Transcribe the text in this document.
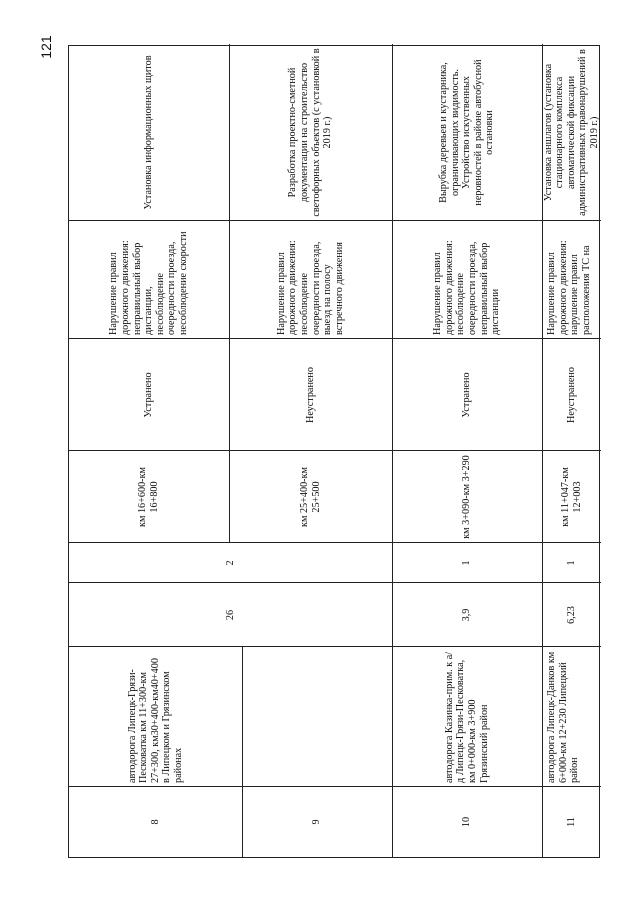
121
8	9
автодорога Липецк-Грязи-Песковатка км 11+300-км 27+300, км30+400-км40+400 в Липецком и Грязинском районах
26
2
км 16+600-км 16+800
Устранено
Нарушение правил дорожного движения: неправильный выбор дистанции, несоблюдение очередности проезда, несоблюдение скорости
Установка информационных щитов
км 25+400-км 25+500
Неустранено
Нарушение правил дорожного движения: несоблюдение очередности проезда, выезд на полосу встречного движения
Разработка проектно-сметной документации на строительство светофорных объектов (с установкой в 2019 г.)
10
автодорога Казинка-прим. к а/д Липецк-Грязи-Песковатка, км 0+000-км 3+900 Грязинский район
3,9
1
км 3+090-км 3+290
Устранено
Нарушение правил дорожного движения: несоблюдение очередности проезда, неправильный выбор дистанции
Вырубка деревьев и кустарника, ограничивающих видимость. Устройство искуственных неровностей в районе автобусной остановки
11
автодорога Липецк-Данков км 6+000-км 12+230 Липецкий район
6,23
1
км 11+047-км 12+003
Неустранено
Нарушение правил дорожного движения: нарушение правил расположения ТС на
Установка аншлагов (установка стационарного комплекса автоматической фиксации административных правонарушений в 2019 г.)
